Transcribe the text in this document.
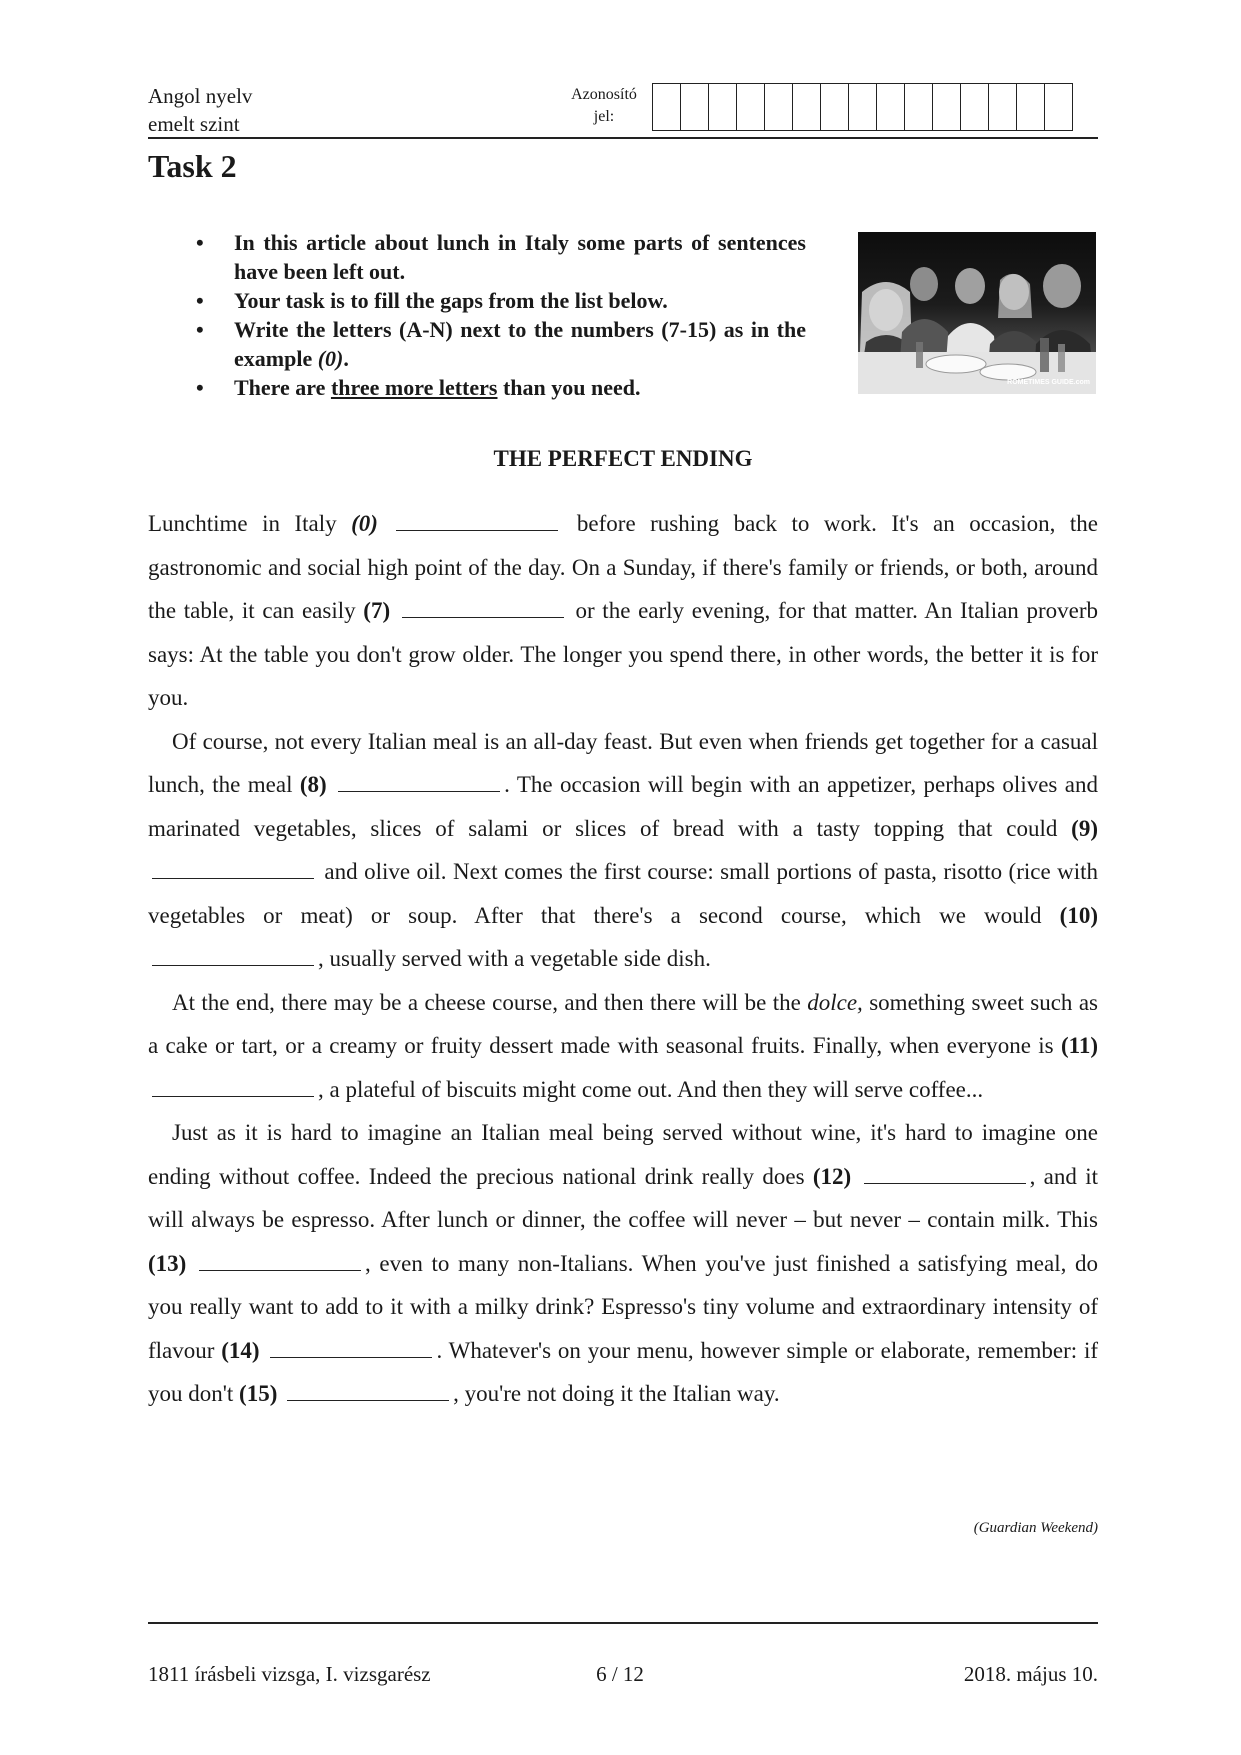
Angol nyelv
emelt szint
Azonosító
jel:
Task 2
• In this article about lunch in Italy some parts of sentences have been left out.
• Your task is to fill the gaps from the list below.
• Write the letters (A-N) next to the numbers (7-15) as in the example (0).
• There are three more letters than you need.	ROMETIMES GUIDE.com
THE PERFECT ENDING

Lunchtime in Italy (0)	before rushing back to work. It's an occasion, the gastronomic and social high point of the day. On a Sunday, if there's family or friends, or both, around the table, it can easily (7)	or the early evening, for that matter. An Italian proverb says: At the table you don't grow older. The longer you spend there, in other words, the better it is for you.

Of course, not every Italian meal is an all-day feast. But even when friends get together for a casual lunch, the meal (8)	. The occasion will begin with an appetizer, perhaps olives and marinated vegetables, slices of salami or slices of bread with a tasty topping that could (9)  and olive oil. Next comes the first course: small portions of pasta, risotto (rice with vegetables or meat) or soup. After that there's a second course, which we would (10) , usually served with a vegetable side dish.

At the end, there may be a cheese course, and then there will be the dolce, something sweet such as a cake or tart, or a creamy or fruity dessert made with seasonal fruits. Finally, when everyone is (11) , a plateful of biscuits might come out. And then they will serve coffee...

Just as it is hard to imagine an Italian meal being served without wine, it's hard to imagine one ending without coffee. Indeed the precious national drink really does (12)	, and it will always be espresso. After lunch or dinner, the coffee will never – but never – contain milk. This (13)	, even to many non-Italians. When you've just finished a satisfying meal, do you really want to add to it with a milky drink? Espresso's tiny volume and extraordinary intensity of flavour (14)	. Whatever's on your menu, however simple or elaborate, remember: if you don't (15)	, you're not doing it the Italian way.

(Guardian Weekend)
1811 írásbeli vizsga, I. vizsgarész	6 / 12	2018. május 10.
